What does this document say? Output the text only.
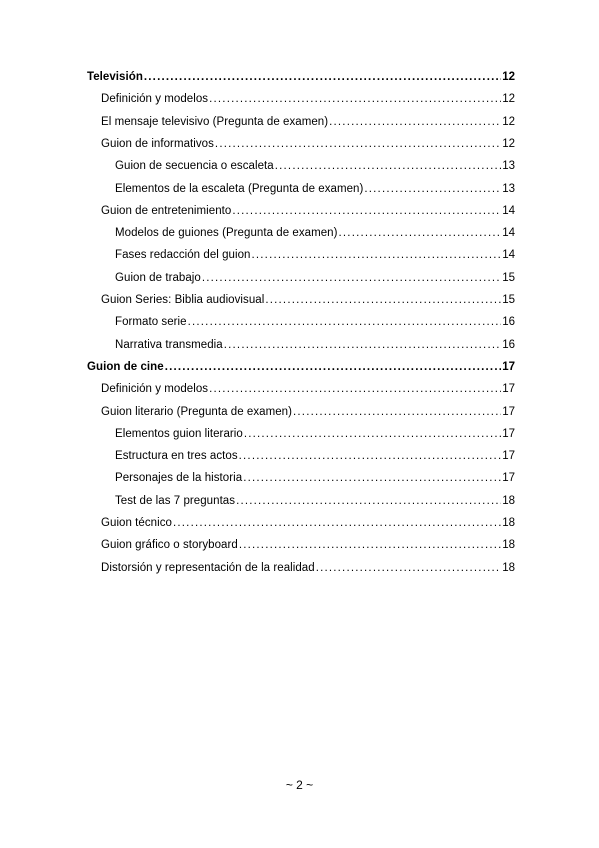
Televisión .....	12
Definición y modelos .....	12
El mensaje televisivo (Pregunta de examen) .....	12
Guion de informativos .....	12
Guion de secuencia o escaleta .....	13
Elementos de la escaleta (Pregunta de examen) .....	13
Guion de entretenimiento .....	14
Modelos de guiones (Pregunta de examen) .....	14
Fases redacción del guion .....	14
Guion de trabajo .....	15
Guion Series: Biblia audiovisual .....	15
Formato serie .....	16
Narrativa transmedia .....	16
Guion de cine .....	17
Definición y modelos .....	17
Guion literario (Pregunta de examen) .....	17
Elementos guion literario .....	17
Estructura en tres actos .....	17
Personajes de la historia .....	17
Test de las 7 preguntas .....	18
Guion técnico .....	18
Guion gráfico o storyboard .....	18
Distorsión y representación de la realidad .....	18
~ 2 ~
